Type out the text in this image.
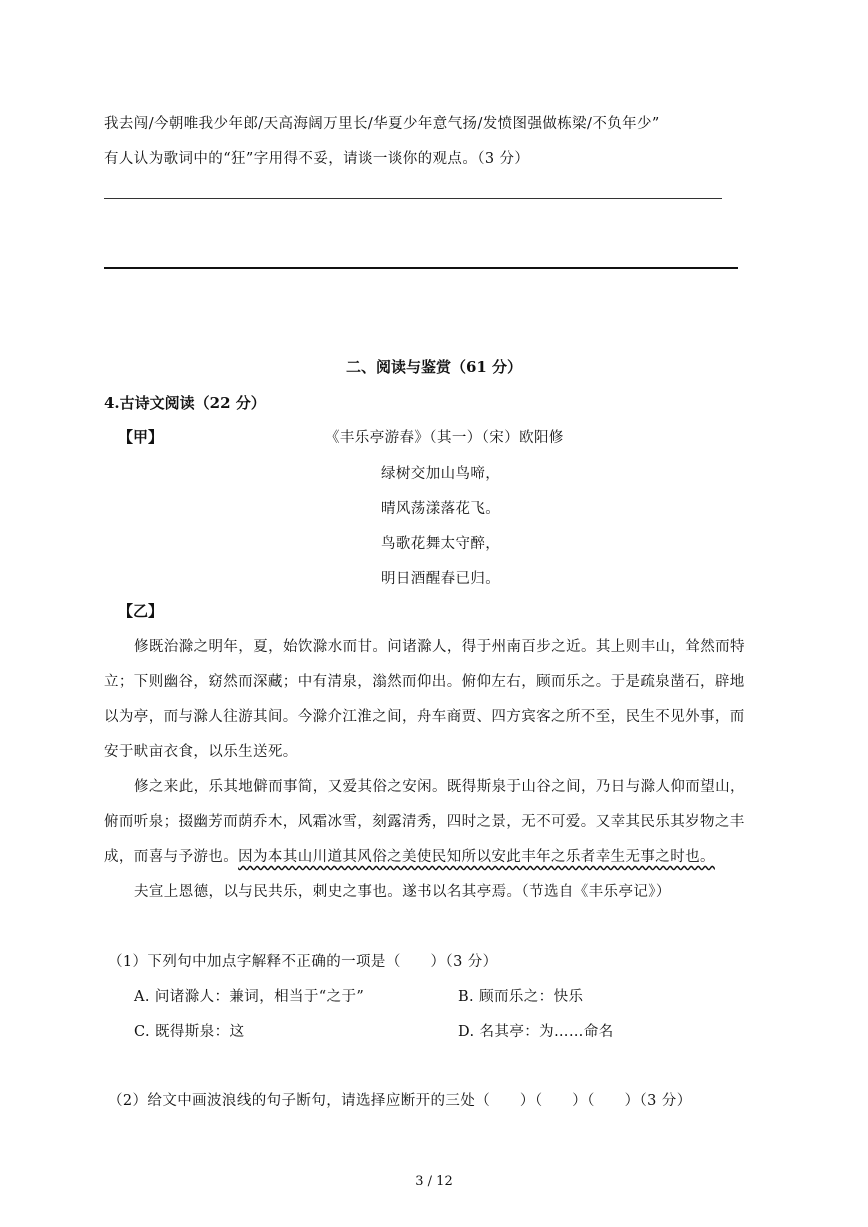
我去闯/今朝唯我少年郎/天高海阔万里长/华夏少年意气扬/发愤图强做栋梁/不负年少”
有人认为歌词中的“狂”字用得不妥，请谈一谈你的观点。（3 分）
二、阅读与鉴赏（61 分）
4.古诗文阅读（22 分）
【甲】	《丰乐亭游春》（其一）（宋）欧阳修
绿树交加山鸟啼，
晴风荡漾落花飞。
鸟歌花舞太守醉，
明日酒醒春已归。
【乙】
修既治滁之明年，夏，始饮滁水而甘。问诸滁人，得于州南百步之近。其上则丰山，耸然而特
立；下则幽谷，窈然而深藏；中有清泉，滃然而仰出。俯仰左右，顾而乐之。于是疏泉凿石，辟地
以为亭，而与滁人往游其间。今滁介江淮之间，舟车商贾、四方宾客之所不至，民生不见外事，而
安于畎亩衣食，以乐生送死。
修之来此，乐其地僻而事简，又爱其俗之安闲。既得斯泉于山谷之间，乃日与滁人仰而望山，
俯而听泉；掇幽芳而荫乔木，风霜冰雪，刻露清秀，四时之景，无不可爱。又幸其民乐其岁物之丰
成，而喜与予游也。因为本其山川道其风俗之美使民知所以安此丰年之乐者幸生无事之时也。
夫宣上恩德，以与民共乐，刺史之事也。遂书以名其亭焉。（节选自《丰乐亭记》）
（1）下列句中加点字解释不正确的一项是（　　）（3 分）
A. 问诸滁人：兼词，相当于“之于”	B. 顾而乐之：快乐
C. 既得斯泉：这	D. 名其亭：为……命名
（2）给文中画波浪线的句子断句，请选择应断开的三处（　　）（　　）（　　）（3 分）
3 / 12
